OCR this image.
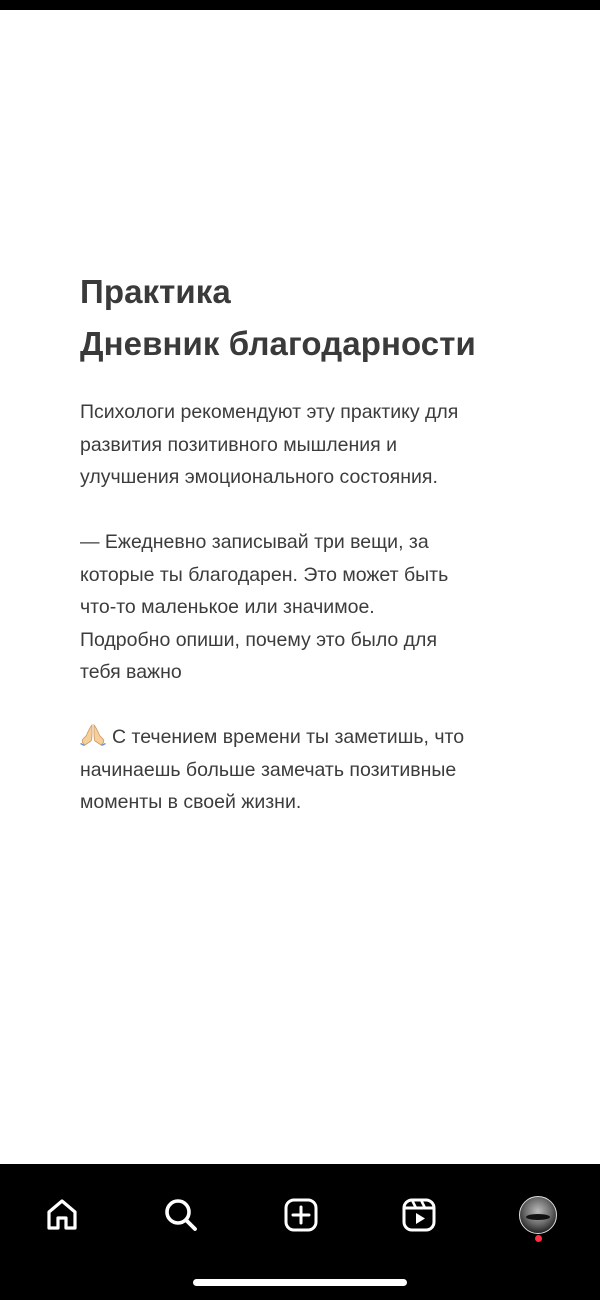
Практика
Дневник благодарности

Психологи рекомендуют эту практику для
развития позитивного мышления и
улучшения эмоционального состояния.

— Ежедневно записывай три вещи, за
которые ты благодарен. Это может быть
что-то маленькое или значимое.
Подробно опиши, почему это было для
тебя важно

С течением времени ты заметишь, что
начинаешь больше замечать позитивные
моменты в своей жизни.
